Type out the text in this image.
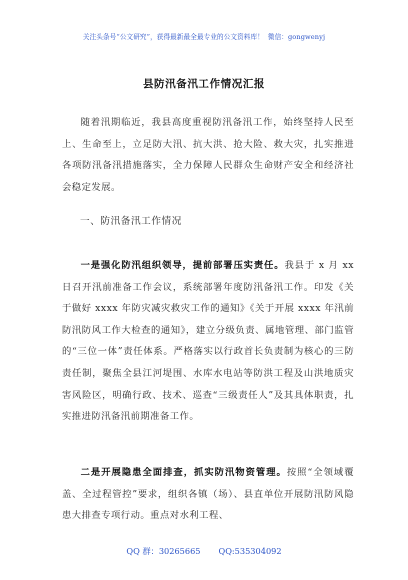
关注头条号“公文研究”，获得最新最全最专业的公文资料库！ 微信：gongwenyj
县防汛备汛工作情况汇报
随着汛期临近，我县高度重视防汛备汛工作，始终坚持人民至上、生命至上，立足防大汛、抗大洪、抢大险、救大灾，扎实推进各项防汛备汛措施落实，全力保障人民群众生命财产安全和经济社会稳定发展。
一、防汛备汛工作情况
一是强化防汛组织领导，提前部署压实责任。我县于 x 月 xx 日召开汛前准备工作会议，系统部署年度防汛备汛工作。印发《关于做好 xxxx 年防灾减灾救灾工作的通知》《关于开展 xxxx 年汛前防汛防风工作大检查的通知》，建立分级负责、属地管理、部门监管的“三位一体”责任体系。严格落实以行政首长负责制为核心的三防责任制，聚焦全县江河堤围、水库水电站等防洪工程及山洪地质灾害风险区，明确行政、技术、巡查“三级责任人”及其具体职责，扎实推进防汛备汛前期准备工作。
二是开展隐患全面排查，抓实防汛物资管理。按照“全领域覆盖、全过程管控”要求，组织各镇（场）、县直单位开展防汛防风隐患大排查专项行动。重点对水利工程、
QQ 群：30265665 QQ:535304092
